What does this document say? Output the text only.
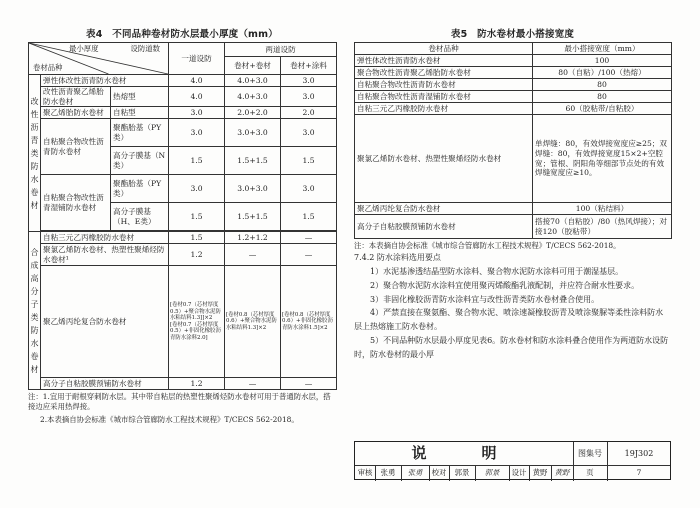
表4　不同品种卷材防水层最小厚度（mm）
最小厚度 设防道数
卷材品种			一道设防	两道设防	
				卷材+卷材	卷材+涂料
改性沥青类防水卷材	弹性体改性沥青防水卷材		4.0	4.0+3.0	3.0
	改性沥青聚乙烯胎防水卷材	热熔型	4.0	4.0+3.0	3.0
	聚乙烯胎防水卷材	自粘型	3.0	2.0+2.0	2.0
	自粘聚合物改性沥青防水卷材	聚酯胎基（PY类）	3.0	3.0+3.0	3.0
		高分子膜基（N类）	1.5	1.5+1.5	1.5
	自粘聚合物改性沥青湿铺防水卷材	聚酯胎基（PY类）	3.0	3.0+3.0	3.0
		高分子膜基（H、E类）	1.5	1.5+1.5	1.5

合成高分子类防水卷材	自粘三元乙丙橡胶防水卷材		1.5	1.2+1.2	—
	聚氯乙烯防水卷材、热塑性聚烯烃防水卷材¹		1.2	—	—
	聚乙烯丙纶复合防水卷材		[卷材0.7（芯材厚度0.5）+聚合物水泥防水粘结料1.3]]×2　[卷材0.7（芯材厚度0.5）+非固化橡胶沥青防水涂料2.0]	[卷材0.8（芯材厚度0.6）+聚合物水泥防水粘结料1.3]×2	[卷材0.8（芯材厚度0.6）+非固化橡胶沥青防水涂料1.5]×2
	高分子自粘胶膜预铺防水卷材		1.2	—	—
注：1.宜用于耐根穿刺防水层。其中带自粘层的热塑性聚烯烃防水卷材可用于普通防水层，搭接边应采用热焊接。
2.本表摘自协会标准《城市综合管廊防水工程技术规程》T/CECS 562-2018。
表5　防水卷材最小搭接宽度
卷材品种	最小搭接宽度（mm）
弹性体改性沥青防水卷材	100
聚合物改性沥青聚乙烯胎防水卷材	80（自粘）/100（热熔）
自粘聚合物改性沥青防水卷材	80
自粘聚合物改性沥青湿铺防水卷材	80
自粘三元乙丙橡胶防水卷材	60（胶粘带/自粘胶）
聚氯乙烯防水卷材、热塑性聚烯烃防水卷材	单焊缝：80，有效焊接宽度应≥25；双焊缝：80，有效焊接宽度15×2+空腔宽；管根、阴阳角等细部节点处的有效焊缝宽度应≥10。
聚乙烯丙纶复合防水卷材	100（粘结料）
高分子自粘胶膜预铺防水卷材	搭接70（自粘胶）/80（热风焊接）；对接120（胶粘带）
注：本表摘自协会标准《城市综合管廊防水工程技术规程》T/CECS 562-2018。
7.4.2 防水涂料选用要点
1）水泥基渗透结晶型防水涂料、聚合物水泥防水涂料可用于潮湿基层。
2）聚合物水泥防水涂料宜使用聚丙烯酸酯乳液配制，并应符合耐水性要求。
3）非固化橡胶沥青防水涂料宜与改性沥青类防水卷材叠合使用。
4）严禁直接在聚氨酯、聚合物水泥、喷涂速凝橡胶沥青及喷涂聚脲等柔性涂料防水层上热熔施工防水卷材。
5）不同品种防水层最小厚度见表6。防水卷材和防水涂料叠合使用作为两道防水设防时，防水卷材的最小厚
说　明	图集号	19J302
审核	张勇	张勇	校对	郭景	郭景	设计 黄野 黄野	页	7
